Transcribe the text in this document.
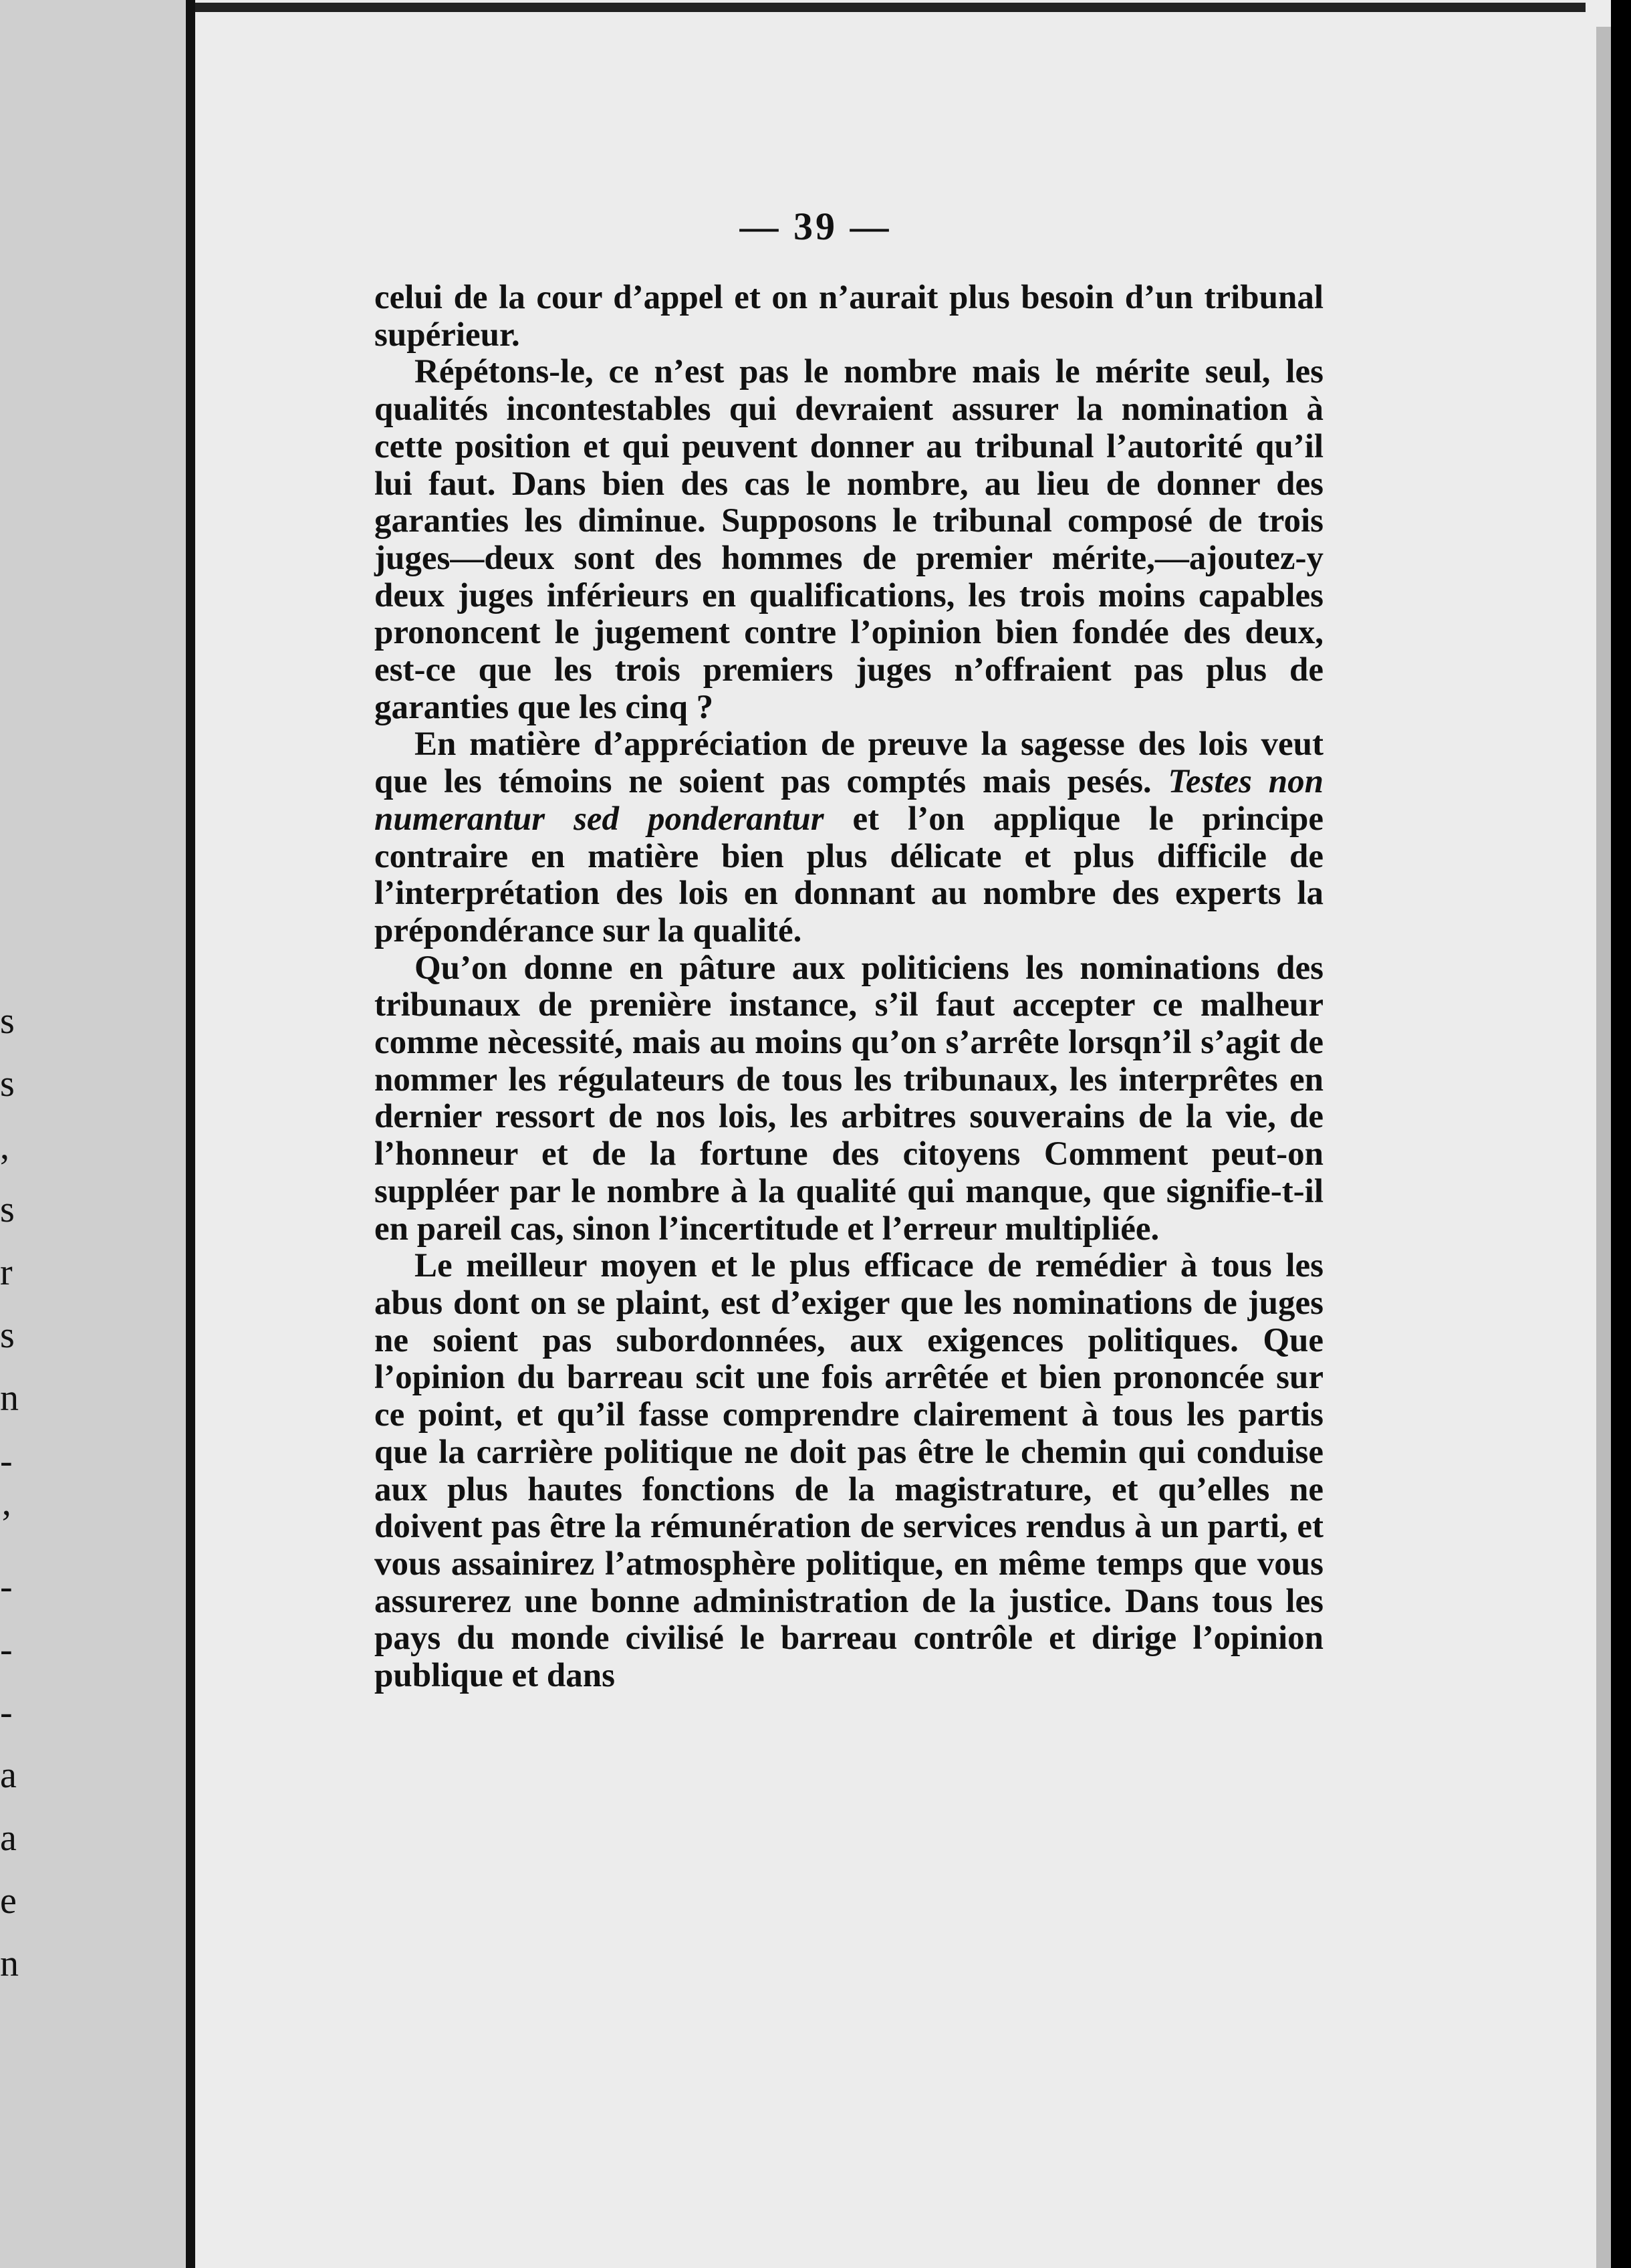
s
s
,
s
r
s
n
-
’
-
-
-
a
a
e
n
— 39 —

celui de la cour d’appel et on n’aurait plus besoin d’un tribunal supérieur.

Répétons-le, ce n’est pas le nombre mais le mérite seul, les qualités incontestables qui devraient assurer la nomination à cette position et qui peuvent donner au tribunal l’autorité qu’il lui faut. Dans bien des cas le nombre, au lieu de donner des garanties les diminue. Supposons le tribunal composé de trois juges—deux sont des hommes de premier mérite,—ajoutez-y deux juges inférieurs en qualifications, les trois moins capables prononcent le jugement contre l’opinion bien fondée des deux, est-ce que les trois premiers juges n’offraient pas plus de garanties que les cinq ?

En matière d’appréciation de preuve la sagesse des lois veut que les témoins ne soient pas comptés mais pesés. Testes non numerantur sed ponderantur et l’on applique le principe contraire en matière bien plus délicate et plus difficile de l’interprétation des lois en donnant au nombre des experts la prépondérance sur la qualité.

Qu’on donne en pâture aux politiciens les nominations des tribunaux de prenière instance, s’il faut accepter ce malheur comme nècessité, mais au moins qu’on s’arrête lorsqn’il s’agit de nommer les régulateurs de tous les tribunaux, les interprêtes en dernier ressort de nos lois, les arbitres souverains de la vie, de l’honneur et de la fortune des citoyens Comment peut-on suppléer par le nombre à la qualité qui manque, que signifie-t-il en pareil cas, sinon l’incertitude et l’erreur multipliée.

Le meilleur moyen et le plus efficace de remédier à tous les abus dont on se plaint, est d’exiger que les nominations de juges ne soient pas subordonnées, aux exigences politiques. Que l’opinion du barreau scit une fois arrêtée et bien prononcée sur ce point, et qu’il fasse comprendre clairement à tous les partis que la carrière politique ne doit pas être le chemin qui conduise aux plus hautes fonctions de la magistrature, et qu’elles ne doivent pas être la rémunération de services rendus à un parti, et vous assainirez l’atmosphère politique, en même temps que vous assurerez une bonne administration de la justice. Dans tous les pays du monde civilisé le barreau contrôle et dirige l’opinion publique et dans
